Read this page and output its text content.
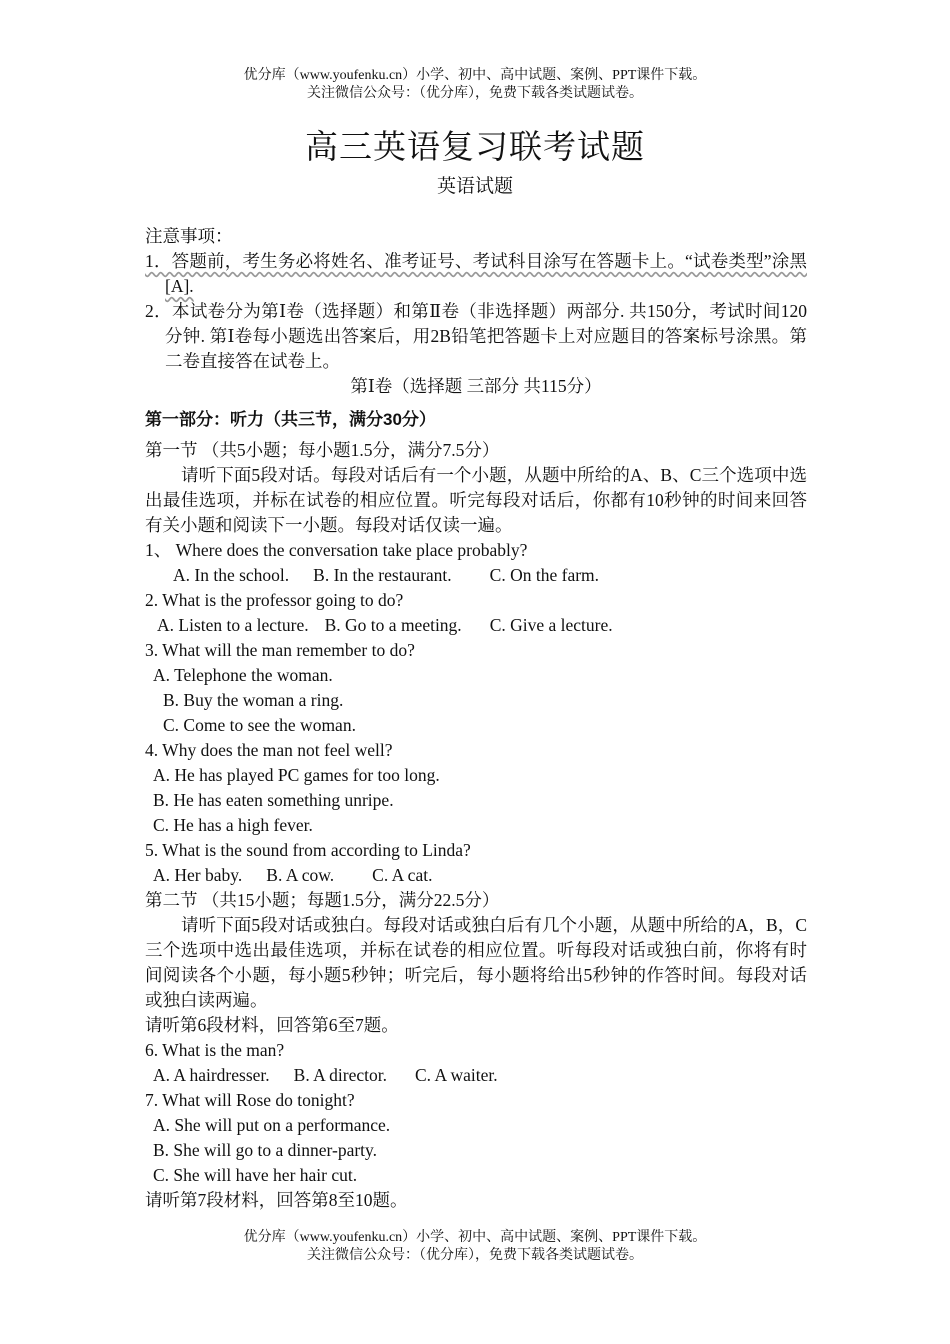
优分库（www.youfenku.cn）小学、初中、高中试题、案例、PPT课件下载。
关注微信公众号：（优分库），免费下载各类试题试卷。
高三英语复习联考试题
英语试题
注意事项：
1．答题前，考生务必将姓名、准考证号、考试科目涂写在答题卡上。“试卷类型”涂黑[A].
2．本试卷分为第Ⅰ卷（选择题）和第Ⅱ卷（非选择题）两部分. 共150分，考试时间120分钟. 第Ⅰ卷每小题选出答案后，用2B铅笔把答题卡上对应题目的答案标号涂黑。第二卷直接答在试卷上。
第Ⅰ卷（选择题 三部分 共115分）
第一部分：听力（共三节，满分30分）
第一节 （共5小题；每小题1.5分，满分7.5分）
请听下面5段对话。每段对话后有一个小题，从题中所给的A、B、C三个选项中选出最佳选项，并标在试卷的相应位置。听完每段对话后，你都有10秒钟的时间来回答有关小题和阅读下一小题。每段对话仅读一遍。
1、 Where does the conversation take place probably?
A. In the school. B. In the restaurant. C. On the farm.
2. What is the professor going to do?
A. Listen to a lecture. B. Go to a meeting. C. Give a lecture.
3. What will the man remember to do?
A. Telephone the woman.
B. Buy the woman a ring.
C. Come to see the woman.
4. Why does the man not feel well?
A. He has played PC games for too long.
B. He has eaten something unripe.
C. He has a high fever.
5. What is the sound from according to Linda?
A. Her baby. B. A cow. C. A cat.
第二节 （共15小题；每题1.5分，满分22.5分）
请听下面5段对话或独白。每段对话或独白后有几个小题，从题中所给的A，B，C三个选项中选出最佳选项，并标在试卷的相应位置。听每段对话或独白前，你将有时间阅读各个小题，每小题5秒钟；听完后，每小题将给出5秒钟的作答时间。每段对话或独白读两遍。
请听第6段材料，回答第6至7题。
6. What is the man?
A. A hairdresser. B. A director. C. A waiter.
7. What will Rose do tonight?
A. She will put on a performance.
B. She will go to a dinner-party.
C. She will have her hair cut.
请听第7段材料，回答第8至10题。
优分库（www.youfenku.cn）小学、初中、高中试题、案例、PPT课件下载。
关注微信公众号：（优分库），免费下载各类试题试卷。
